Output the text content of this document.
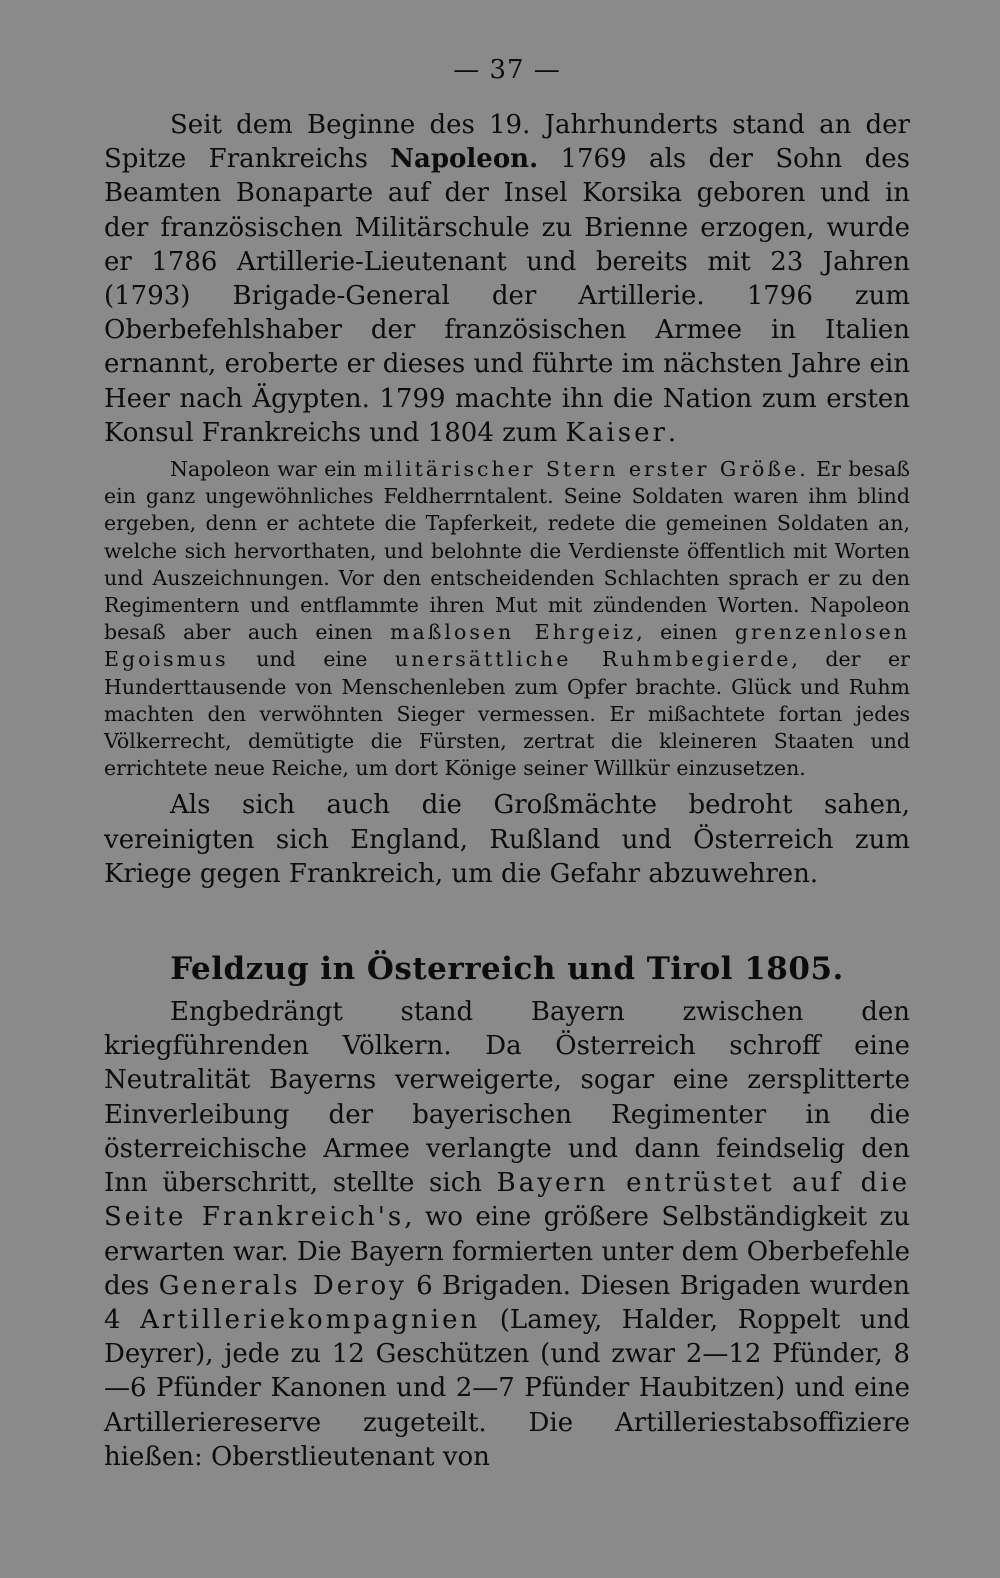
— 37 —

Seit dem Beginne des 19. Jahrhunderts stand an der Spitze Frankreichs Napoleon. 1769 als der Sohn des Beamten Bonaparte auf der Insel Korsika geboren und in der französischen Militärschule zu Brienne erzogen, wurde er 1786 Artillerie-Lieutenant und bereits mit 23 Jahren (1793) Brigade-General der Artillerie. 1796 zum Oberbefehlshaber der französischen Armee in Italien ernannt, eroberte er dieses und führte im nächsten Jahre ein Heer nach Ägypten. 1799 machte ihn die Nation zum ersten Konsul Frankreichs und 1804 zum Kaiser.

Napoleon war ein militärischer Stern erster Größe. Er besaß ein ganz ungewöhnliches Feldherrntalent. Seine Soldaten waren ihm blind ergeben, denn er achtete die Tapferkeit, redete die gemeinen Soldaten an, welche sich hervorthaten, und belohnte die Verdienste öffentlich mit Worten und Auszeichnungen. Vor den entscheidenden Schlachten sprach er zu den Regimentern und entflammte ihren Mut mit zündenden Worten. Napoleon besaß aber auch einen maßlosen Ehrgeiz, einen grenzenlosen Egoismus und eine unersättliche Ruhmbegierde, der er Hunderttausende von Menschenleben zum Opfer brachte. Glück und Ruhm machten den verwöhnten Sieger vermessen. Er mißachtete fortan jedes Völkerrecht, demütigte die Fürsten, zertrat die kleineren Staaten und errichtete neue Reiche, um dort Könige seiner Willkür einzusetzen.

Als sich auch die Großmächte bedroht sahen, vereinigten sich England, Rußland und Österreich zum Kriege gegen Frankreich, um die Gefahr abzuwehren.

Feldzug in Österreich und Tirol 1805.

Engbedrängt stand Bayern zwischen den kriegführenden Völkern. Da Österreich schroff eine Neutralität Bayerns verweigerte, sogar eine zersplitterte Einverleibung der bayerischen Regimenter in die österreichische Armee verlangte und dann feindselig den Inn überschritt, stellte sich Bayern entrüstet auf die Seite Frankreich's, wo eine größere Selbständigkeit zu erwarten war. Die Bayern formierten unter dem Oberbefehle des Generals Deroy 6 Brigaden. Diesen Brigaden wurden 4 Artilleriekompagnien (Lamey, Halder, Roppelt und Deyrer), jede zu 12 Geschützen (und zwar 2—12 Pfünder, 8—6 Pfünder Kanonen und 2—7 Pfünder Haubitzen) und eine Artilleriereserve zugeteilt. Die Artilleriestabsoffiziere hießen: Oberstlieutenant von
